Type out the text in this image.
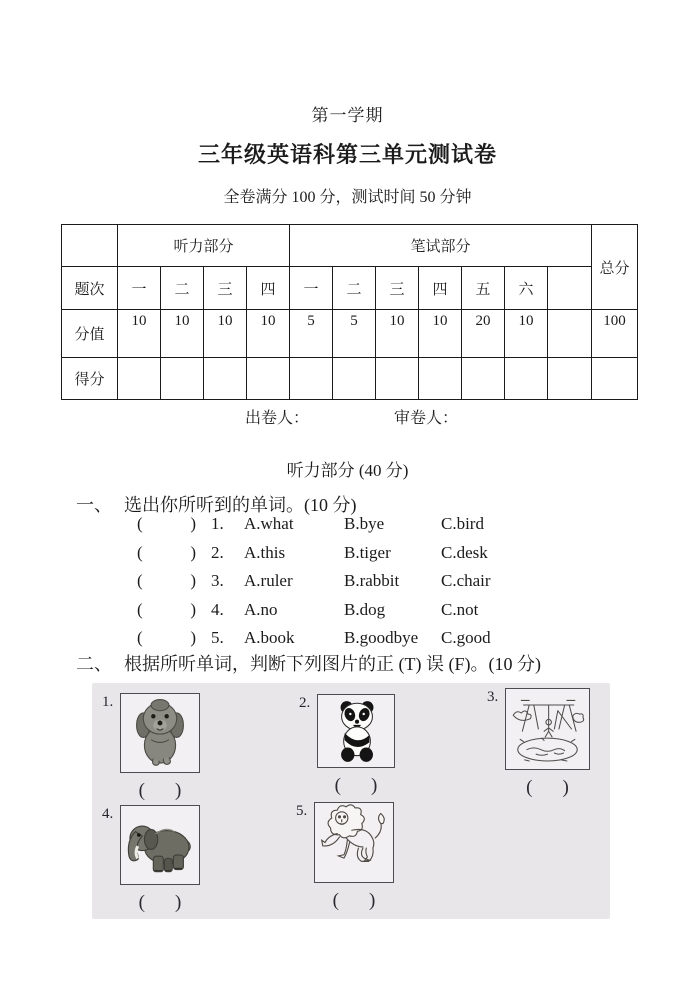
第一学期
三年级英语科第三单元测试卷
全卷满分 100 分，测试时间 50 分钟
	听力部分				笔试部分							总分
题次	一	二	三	四	一	二	三	四	五	六		
分值	10	10	10	10	5	5	10	10	20	10		100
得分												
出卷人：	审卷人：
听力部分 (40 分)
一、 选出你所听到的单词。(10 分)
(	) 1.	A.what	B.bye	C.bird
(	) 2.	A.this	B.tiger	C.desk
(	) 3.	A.ruler	B.rabbit	C.chair
(	) 4.	A.no	B.dog	C.not
(	) 5.	A.book	B.goodbye	C.good
二、 根据所听单词，判断下列图片的正 (T) 误 (F)。(10 分)
1.
( )
2.
( )
3.
( )
4.
( )
5.
( )
